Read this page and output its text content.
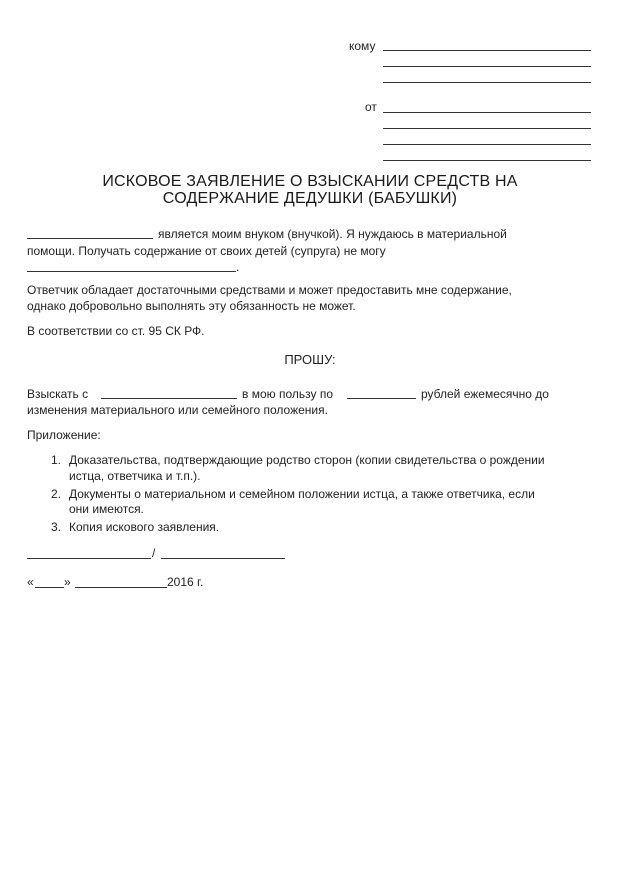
кому
от
ИСКОВОЕ ЗАЯВЛЕНИЕ О ВЗЫСКАНИИ СРЕДСТВ НА
СОДЕРЖАНИЕ ДЕДУШКИ (БАБУШКИ)
является моим внуком (внучкой). Я нуждаюсь в материальной
помощи. Получать содержание от своих детей (супруга) не могу
.
Ответчик обладает достаточными средствами и может предоставить мне содержание,
однако добровольно выполнять эту обязанность не может.
В соответствии со ст. 95 СК РФ.
ПРОШУ:
Взыскать с	в мою пользу по	рублей ежемесячно до
изменения материального или семейного положения.
Приложение:
1. Доказательства, подтверждающие родство сторон (копии свидетельства о рождении
истца, ответчика и т.п.).
2. Документы о материальном и семейном положении истца, а также ответчика, если
они имеются.
3. Копия искового заявления.
/
«	»	2016 г.
